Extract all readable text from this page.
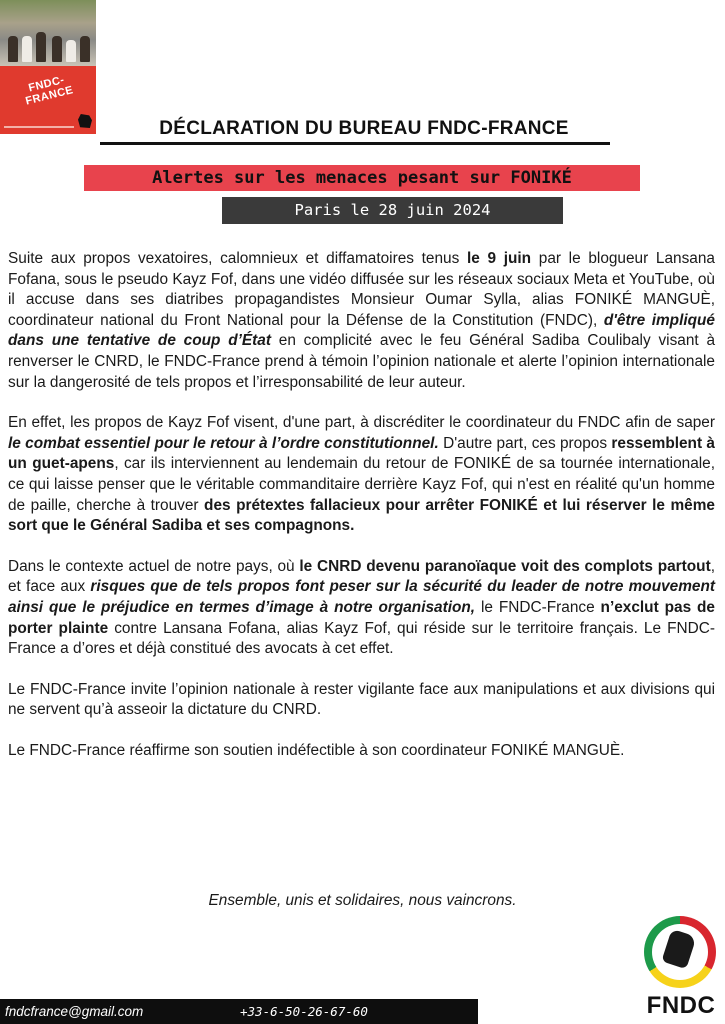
FNDC-FRANCE
DÉCLARATION DU BUREAU FNDC-FRANCE
Alertes sur les menaces pesant sur FONIKÉ
Paris le 28 juin 2024

Suite aux propos vexatoires, calomnieux et diffamatoires tenus le 9 juin par le blogueur Lansana Fofana, sous le pseudo Kayz Fof, dans une vidéo diffusée sur les réseaux sociaux Meta et YouTube, où il accuse dans ses diatribes propagandistes Monsieur Oumar Sylla, alias FONIKÉ MANGUÈ, coordinateur national du Front National pour la Défense de la Constitution (FNDC), d'être impliqué dans une tentative de coup d’État en complicité avec le feu Général Sadiba Coulibaly visant à renverser le CNRD, le FNDC-France prend à témoin l’opinion nationale et alerte l’opinion internationale sur la dangerosité de tels propos et l’irresponsabilité de leur auteur.

En effet, les propos de Kayz Fof visent, d'une part, à discréditer le coordinateur du FNDC afin de saper le combat essentiel pour le retour à l’ordre constitutionnel. D'autre part, ces propos ressemblent à un guet-apens, car ils interviennent au lendemain du retour de FONIKÉ de sa tournée internationale, ce qui laisse penser que le véritable commanditaire derrière Kayz Fof, qui n'est en réalité qu'un homme de paille, cherche à trouver des prétextes fallacieux pour arrêter FONIKÉ et lui réserver le même sort que le Général Sadiba et ses compagnons.

Dans le contexte actuel de notre pays, où le CNRD devenu paranoïaque voit des complots partout, et face aux risques que de tels propos font peser sur la sécurité du leader de notre mouvement ainsi que le préjudice en termes d’image à notre organisation, le FNDC-France n’exclut pas de porter plainte contre Lansana Fofana, alias Kayz Fof, qui réside sur le territoire français. Le FNDC-France a d’ores et déjà constitué des avocats à cet effet.

Le FNDC-France invite l’opinion nationale à rester vigilante face aux manipulations et aux divisions qui ne servent qu’à asseoir la dictature du CNRD.

Le FNDC-France réaffirme son soutien indéfectible à son coordinateur FONIKÉ MANGUÈ.

Ensemble, unis et solidaires, nous vaincrons.
FNDC
fndcfrance@gmail.com	+33-6-50-26-67-60
